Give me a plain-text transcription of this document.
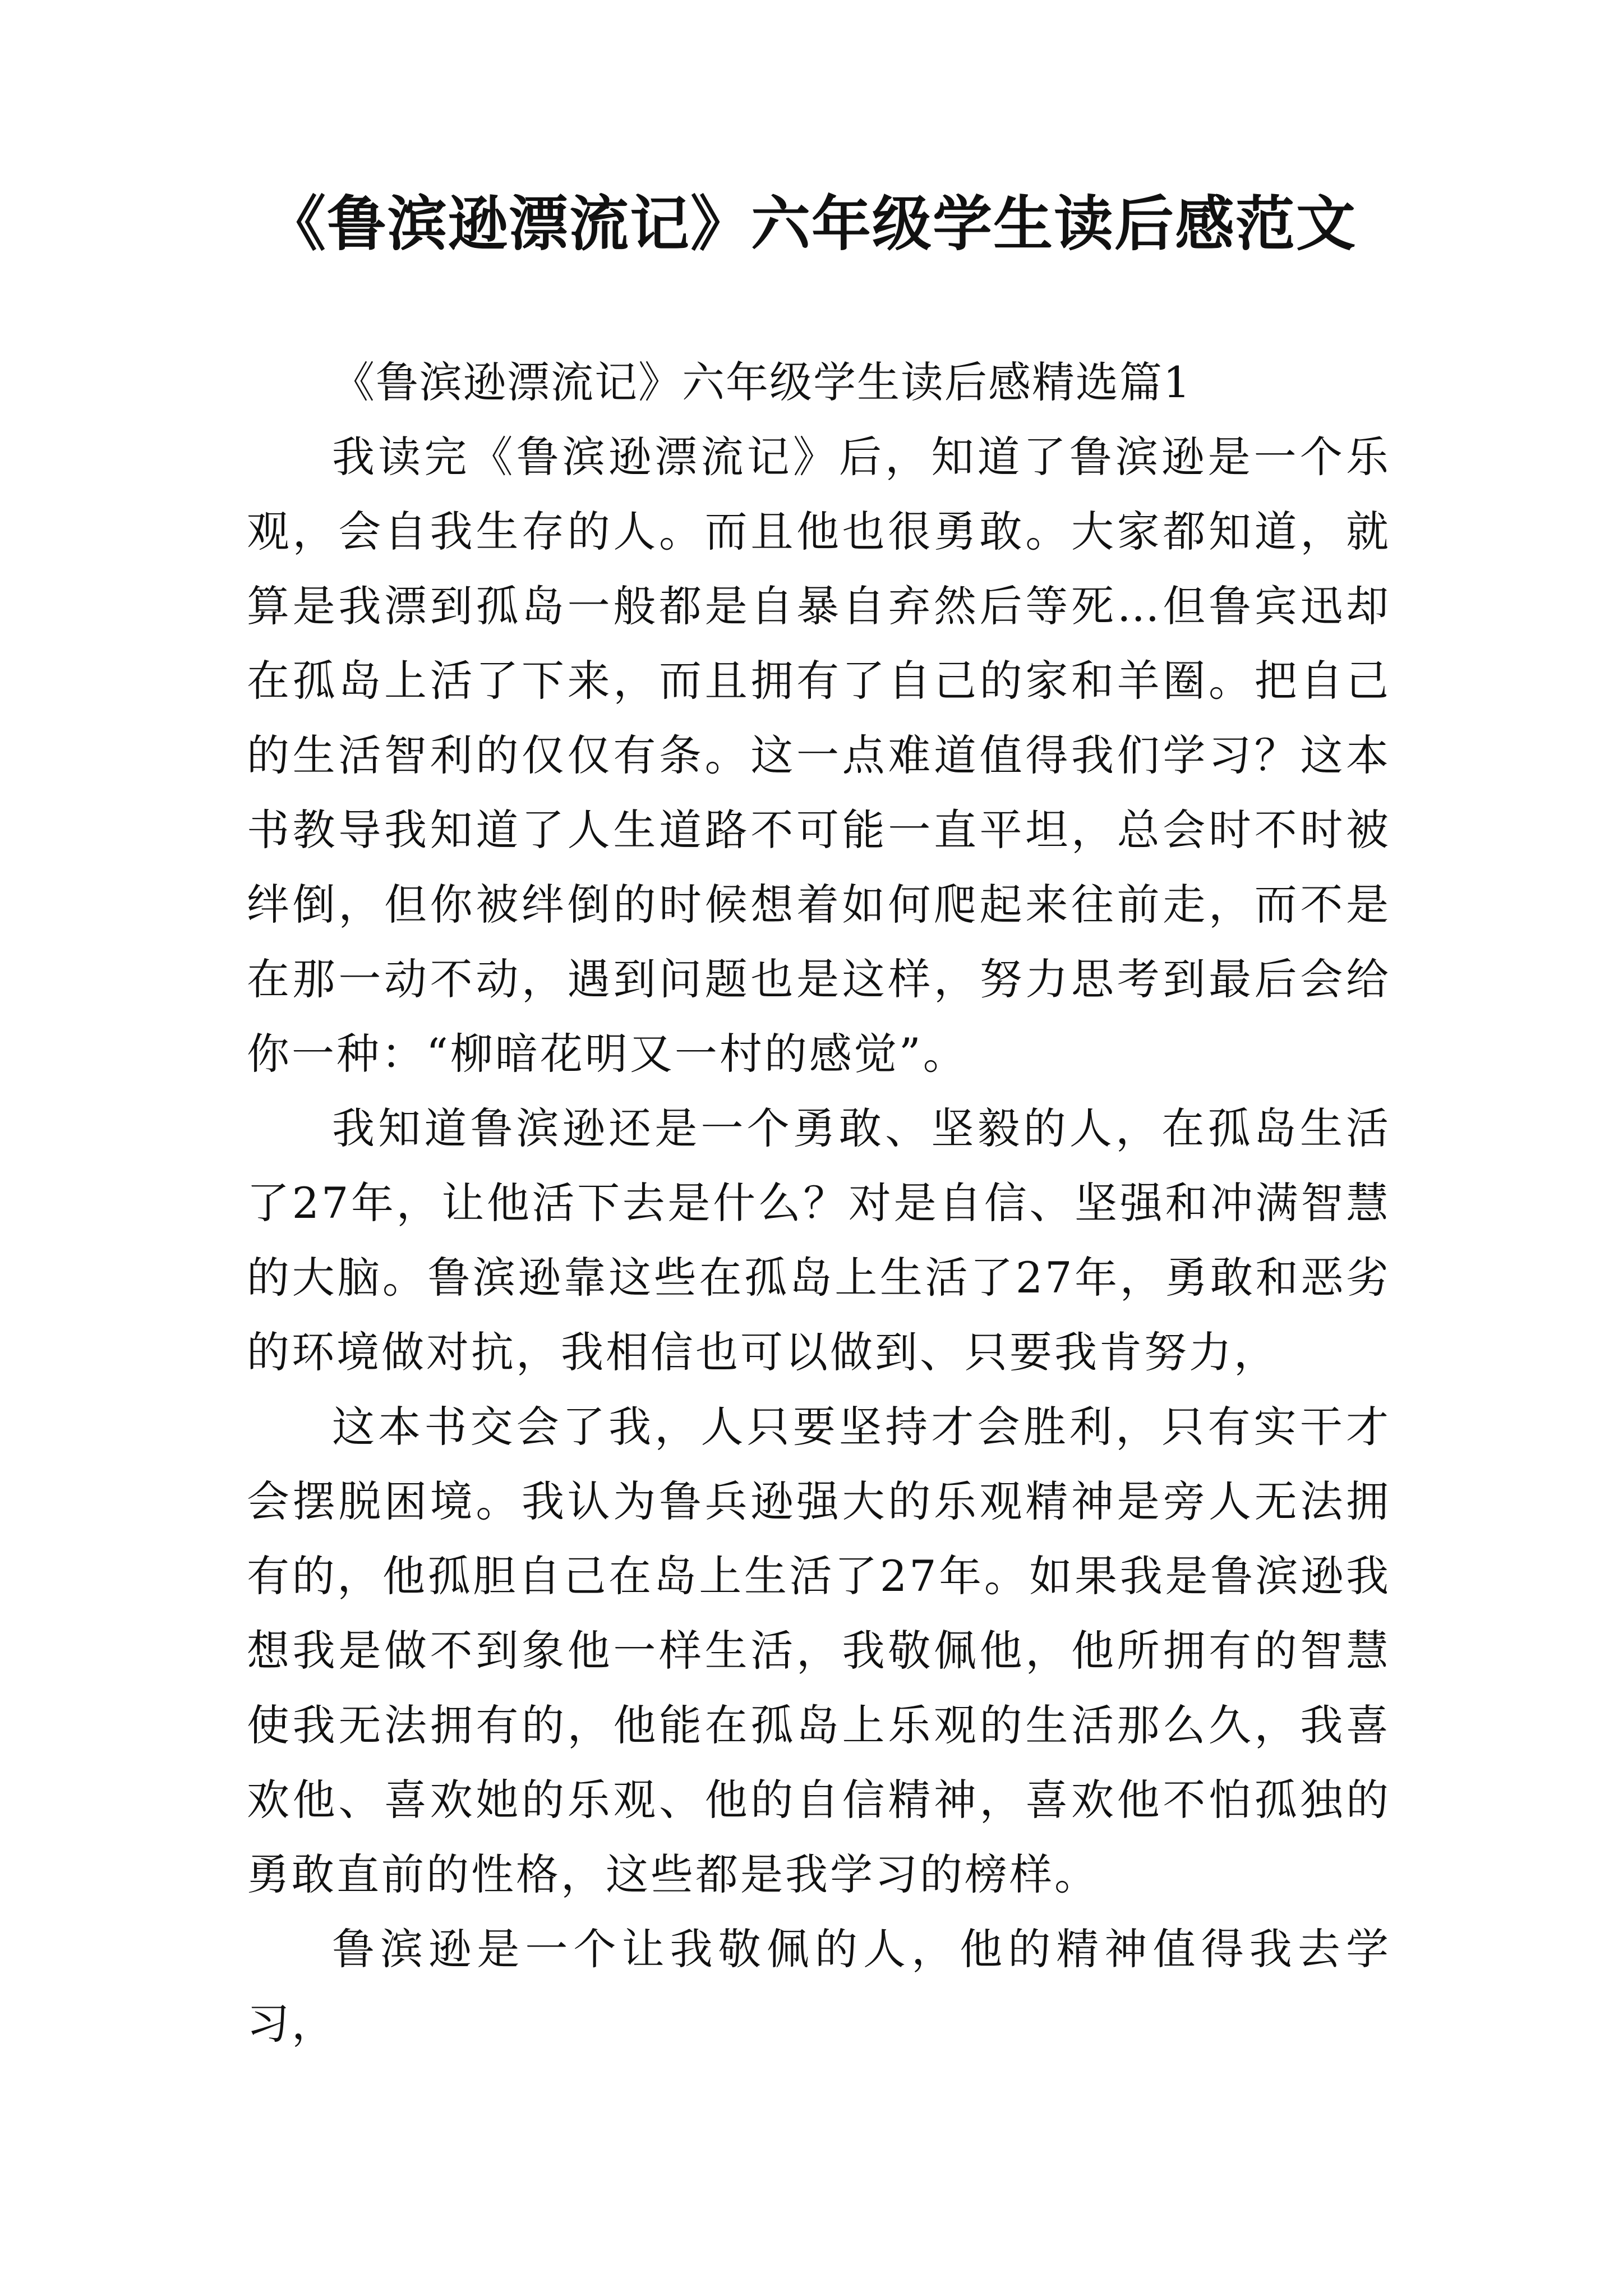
《鲁滨逊漂流记》六年级学生读后感范文

《鲁滨逊漂流记》六年级学生读后感精选篇1

我读完《鲁滨逊漂流记》后，知道了鲁滨逊是一个乐观，会自我生存的人。而且他也很勇敢。大家都知道，就算是我漂到孤岛一般都是自暴自弃然后等死…但鲁宾迅却在孤岛上活了下来，而且拥有了自己的家和羊圈。把自己的生活智利的仅仅有条。这一点难道值得我们学习？这本书教导我知道了人生道路不可能一直平坦，总会时不时被绊倒，但你被绊倒的时候想着如何爬起来往前走，而不是在那一动不动，遇到问题也是这样，努力思考到最后会给你一种：“柳暗花明又一村的感觉”。

我知道鲁滨逊还是一个勇敢、坚毅的人，在孤岛生活了27年，让他活下去是什么？对是自信、坚强和冲满智慧的大脑。鲁滨逊靠这些在孤岛上生活了27年，勇敢和恶劣的环境做对抗，我相信也可以做到、只要我肯努力，

这本书交会了我，人只要坚持才会胜利，只有实干才会摆脱困境。我认为鲁兵逊强大的乐观精神是旁人无法拥有的，他孤胆自己在岛上生活了27年。如果我是鲁滨逊我想我是做不到象他一样生活，我敬佩他，他所拥有的智慧使我无法拥有的，他能在孤岛上乐观的生活那么久，我喜欢他、喜欢她的乐观、他的自信精神，喜欢他不怕孤独的勇敢直前的性格，这些都是我学习的榜样。

鲁滨逊是一个让我敬佩的人，他的精神值得我去学习，
